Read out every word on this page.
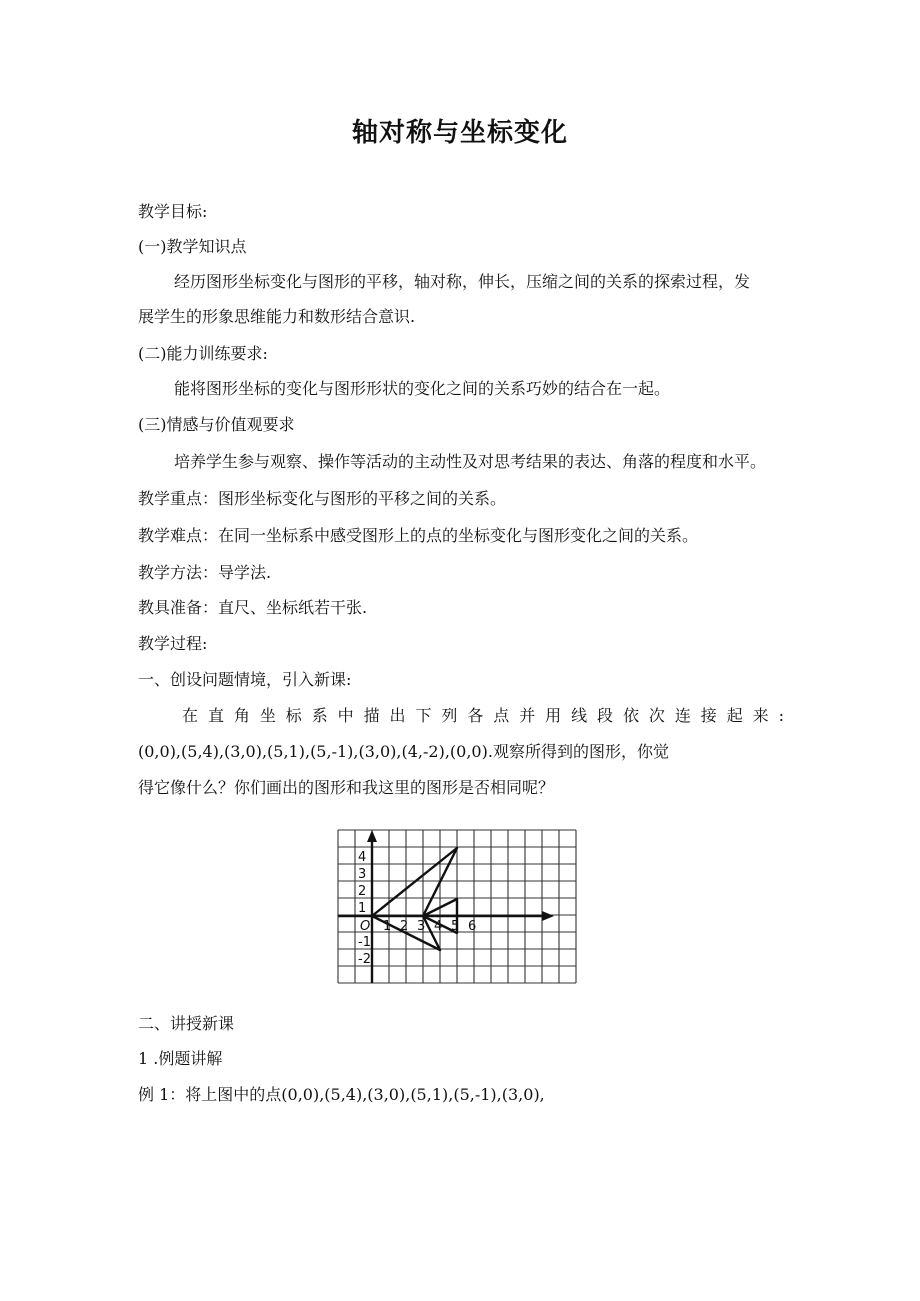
轴对称与坐标变化
教学目标:
(一)教学知识点
经历图形坐标变化与图形的平移，轴对称，伸长，压缩之间的关系的探索过程，发
展学生的形象思维能力和数形结合意识.
(二)能力训练要求:
能将图形坐标的变化与图形形状的变化之间的关系巧妙的结合在一起。
(三)情感与价值观要求
培养学生参与观察、操作等活动的主动性及对思考结果的表达、角落的程度和水平。
教学重点：图形坐标变化与图形的平移之间的关系。
教学难点：在同一坐标系中感受图形上的点的坐标变化与图形变化之间的关系。
教学方法：导学法.
教具准备：直尺、坐标纸若干张.
教学过程:
一、创设问题情境，引入新课:
在直角坐标系中描出下列各点并用线段依次连接起来:
(0,0),(5,4),(3,0),(5,1),(5,-1),(3,0),(4,-2),(0,0).观察所得到的图形，你觉
得它像什么？你们画出的图形和我这里的图形是否相同呢？
O 1 2 3 4 5 6
4
3
2
1
-1
-2
二、讲授新课
1 .例题讲解
例 1：将上图中的点(0,0),(5,4),(3,0),(5,1),(5,-1),(3,0),
